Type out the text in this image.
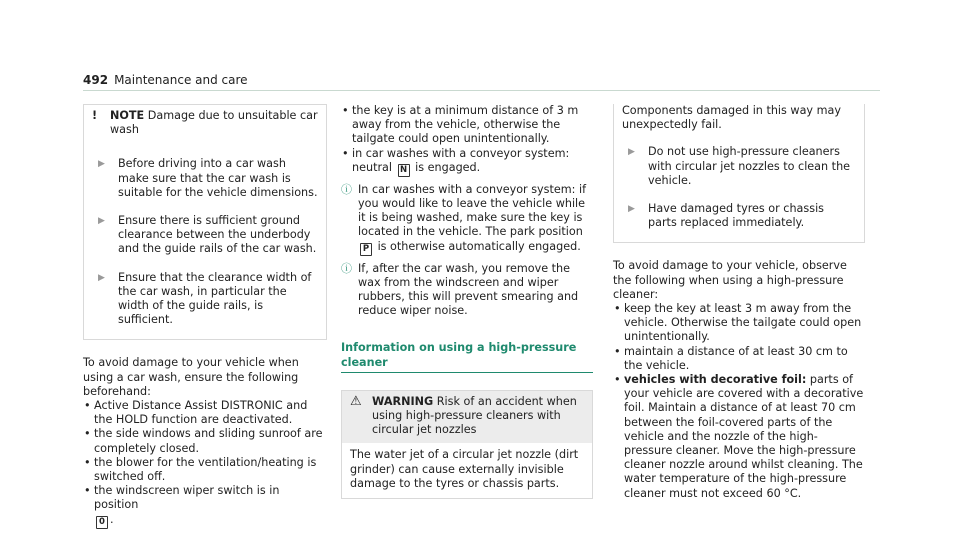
492 Maintenance and care
!	NOTE Damage due to unsuitable car wash
▶	Before driving into a car wash make sure that the car wash is suitable for the vehicle dimensions.
▶	Ensure there is sufficient ground clearance between the underbody and the guide rails of the car wash.
▶	Ensure that the clearance width of the car wash, in particular the width of the guide rails, is sufficient.
To avoid damage to your vehicle when using a car wash, ensure the following beforehand:
• Active Distance Assist DISTRONIC and the HOLD function are deactivated.
• the side windows and sliding sunroof are completely closed.
• the blower for the ventilation/heating is switched off.
• the windscreen wiper switch is in position
0 .
• the key is at a minimum distance of 3 m away from the vehicle, otherwise the tailgate could open unintentionally.
• in car washes with a conveyor system: neutral N is engaged.
ⓘ In car washes with a conveyor system: if you would like to leave the vehicle while it is being washed, make sure the key is located in the vehicle. The park position P is otherwise automatically engaged.
ⓘ If, after the car wash, you remove the wax from the windscreen and wiper rubbers, this will prevent smearing and reduce wiper noise.
Information on using a high-pressure cleaner
⚠ WARNING Risk of an accident when using high-pressure cleaners with circular jet nozzles
The water jet of a circular jet nozzle (dirt grinder) can cause externally invisible damage to the tyres or chassis parts.
Components damaged in this way may unexpectedly fail.
▶	Do not use high-pressure cleaners with circular jet nozzles to clean the vehicle.
▶	Have damaged tyres or chassis parts replaced immediately.
To avoid damage to your vehicle, observe the following when using a high-pressure cleaner:
• keep the key at least 3 m away from the vehicle. Otherwise the tailgate could open unintentionally.
• maintain a distance of at least 30 cm to the vehicle.
• vehicles with decorative foil: parts of your vehicle are covered with a decorative foil. Maintain a distance of at least 70 cm between the foil-covered parts of the vehicle and the nozzle of the high-pressure cleaner. Move the high-pressure cleaner nozzle around whilst cleaning. The water temperature of the high-pressure cleaner must not exceed 60 °C.
